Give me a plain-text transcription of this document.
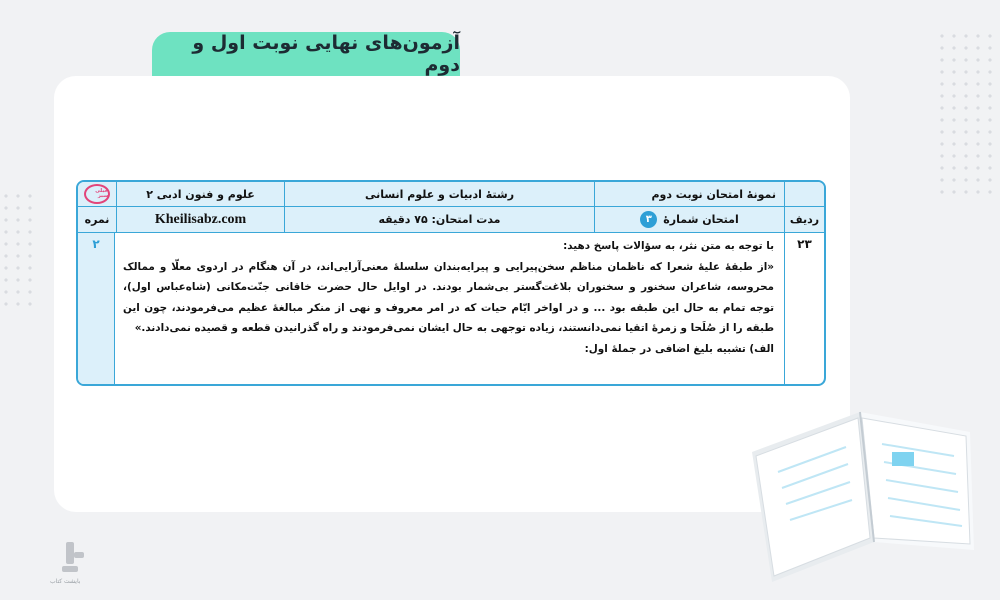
آزمون‌های نهایی نوبت اول و دوم
نمونهٔ امتحان نوبت دوم
رشتهٔ ادبیات و علوم انسانی
علوم و فنون ادبی ۲
خیلی سبز
ردیف
امتحان شمارهٔ
۳
مدت امتحان: ۷۵ دقیقه
Kheilisabz.com
نمره
۲۳

با توجه به متن نثر، به سؤالات پاسخ دهید:

«از طبقهٔ علیهٔ شعرا که ناظمان مناظم سخن‌پیرایی و پیرایه‌بندان سلسلهٔ معنی‌آرایی‌اند، در آن هنگام در اردوی معلّا و ممالک محروسه، شاعران سخنور و سخنوران بلاغت‌گستر بی‌شمار بودند. در اوایل حال حضرت خاقانی جنّت‌مکانی (شاه‌عباس اول)، توجه تمام به حال این طبقه بود ... و در اواخر ایّام حیات که در امر معروف و نهی از منکر مبالغهٔ عظیم می‌فرمودند، چون این طبقه را از صُلَحا و زمرهٔ اتقیا نمی‌دانستند، زیاده توجهی به حال ایشان نمی‌فرمودند و راه گذرانیدن قطعه و قصیده نمی‌دادند.»

الف) تشبیه بلیغ اضافی در جملهٔ اول:

۲
بایشت کتاب
